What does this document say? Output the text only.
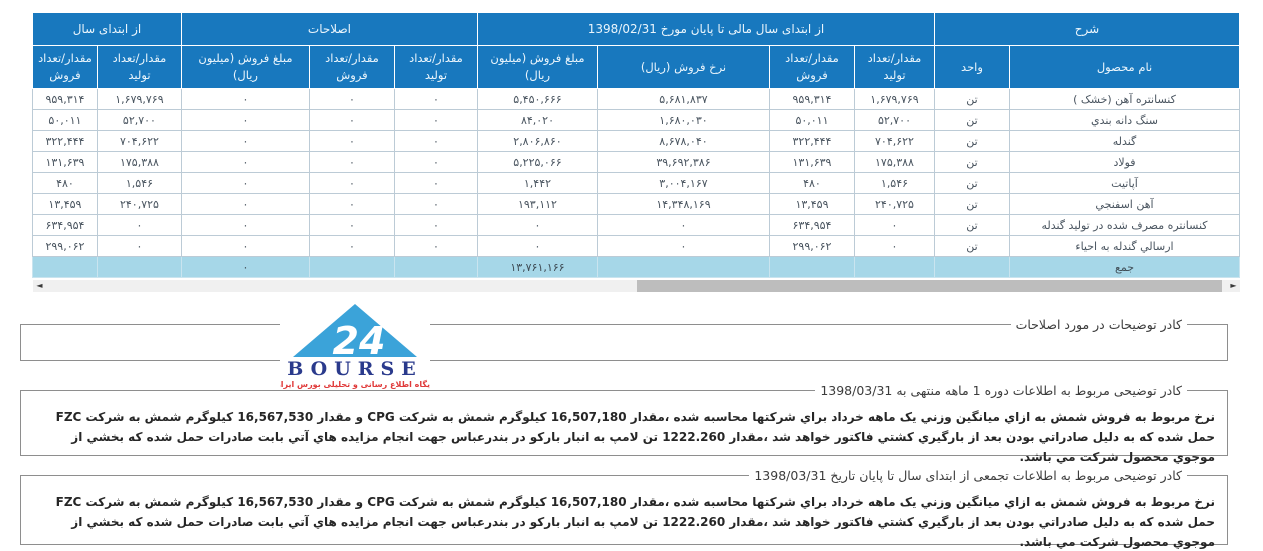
شرح		از ابتدای سال مالی تا پایان مورخ 1398/02/31				اصلاحات			از ابتدای سال	
نام محصول	واحد	مقدار/تعداد تولید	مقدار/تعداد فروش	نرخ فروش (ریال)	مبلغ فروش (میلیون ریال)	مقدار/تعداد تولید	مقدار/تعداد فروش	مبلغ فروش (میلیون ریال)	مقدار/تعداد تولید	مقدار/تعداد فروش
کنسانتره آهن (خشک )	تن	۱,۶۷۹,۷۶۹	۹۵۹,۳۱۴	۵,۶۸۱,۸۳۷	۵,۴۵۰,۶۶۶	۰	۰	۰	۱,۶۷۹,۷۶۹	۹۵۹,۳۱۴
سنگ دانه بندي	تن	۵۲,۷۰۰	۵۰,۰۱۱	۱,۶۸۰,۰۳۰	۸۴,۰۲۰	۰	۰	۰	۵۲,۷۰۰	۵۰,۰۱۱
گندله	تن	۷۰۴,۶۲۲	۳۲۲,۴۴۴	۸,۶۷۸,۰۴۰	۲,۸۰۶,۸۶۰	۰	۰	۰	۷۰۴,۶۲۲	۳۲۲,۴۴۴
فولاد	تن	۱۷۵,۳۸۸	۱۳۱,۶۳۹	۳۹,۶۹۲,۳۸۶	۵,۲۲۵,۰۶۶	۰	۰	۰	۱۷۵,۳۸۸	۱۳۱,۶۳۹
آپاتیت	تن	۱,۵۴۶	۴۸۰	۳,۰۰۴,۱۶۷	۱,۴۴۲	۰	۰	۰	۱,۵۴۶	۴۸۰
آهن اسفنجي	تن	۲۴۰,۷۲۵	۱۳,۴۵۹	۱۴,۳۴۸,۱۶۹	۱۹۳,۱۱۲	۰	۰	۰	۲۴۰,۷۲۵	۱۳,۴۵۹
کنسانتره مصرف شده در تولید گندله	تن	۰	۶۳۴,۹۵۴	۰	۰	۰	۰	۰	۰	۶۳۴,۹۵۴
ارسالي گندله به احیاء	تن	۰	۲۹۹,۰۶۲	۰	۰	۰	۰	۰	۰	۲۹۹,۰۶۲
جمع					۱۳,۷۶۱,۱۶۶			۰		
◄	►
کادر توضیحات در مورد اصلاحات
کادر توضیحی مربوط به اطلاعات دوره 1 ماهه منتهی به 1398/03/31
نرخ مربوط به فروش شمش به ازاي میانگین وزني یک ماهه خرداد براي شرکتها محاسبه شده ،مقدار 16,507,180 کیلوگرم شمش به شرکت CPG و مقدار 16,567,530 کیلوگرم شمش به شرکت FZC حمل شده که به دلیل صادراتي بودن بعد از بارگیري کشتي فاکتور خواهد شد ،مقدار 1222.260 تن لامپ به انبار بارکو در بندرعباس جهت انجام مزایده هاي آتي بابت صادرات حمل شده که بخشي از موجوي محصول شرکت مي باشد.
کادر توضیحی مربوط به اطلاعات تجمعی از ابتدای سال تا پایان تاریخ 1398/03/31
نرخ مربوط به فروش شمش به ازاي میانگین وزني یک ماهه خرداد براي شرکتها محاسبه شده ،مقدار 16,507,180 کیلوگرم شمش به شرکت CPG و مقدار 16,567,530 کیلوگرم شمش به شرکت FZC حمل شده که به دلیل صادراتي بودن بعد از بارگیري کشتي فاکتور خواهد شد ،مقدار 1222.260 تن لامپ به انبار بارکو در بندرعباس جهت انجام مزایده هاي آتي بابت صادرات حمل شده که بخشي از موجوي محصول شرکت مي باشد.
24
BOURSE
پایگاه اطلاع رسانی و تحلیلی بورس ایران
